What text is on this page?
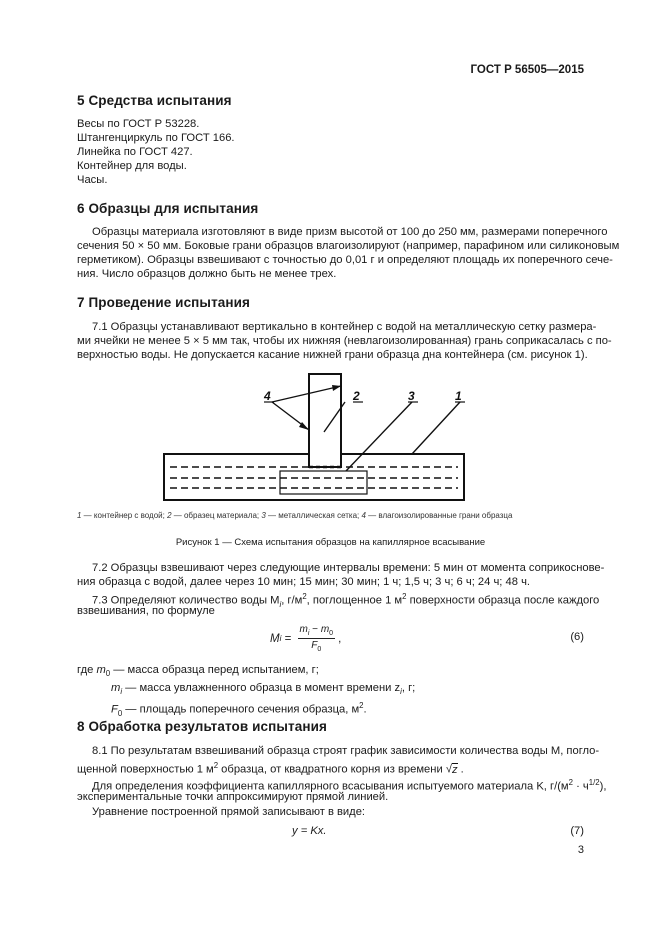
ГОСТ Р 56505—2015
5 Средства испытания
Весы по ГОСТ Р 53228.
Штангенциркуль по ГОСТ 166.
Линейка по ГОСТ 427.
Контейнер для воды.
Часы.
6 Образцы для испытания
Образцы материала изготовляют в виде призм высотой от 100 до 250 мм, размерами поперечного
сечения 50 × 50 мм. Боковые грани образцов влагоизолируют (например, парафином или силиконовым
герметиком). Образцы взвешивают с точностью до 0,01 г и определяют площадь их поперечного сече-
ния. Число образцов должно быть не менее трех.
7 Проведение испытания
7.1 Образцы устанавливают вертикально в контейнер с водой на металлическую сетку размера-
ми ячейки не менее 5 × 5 мм так, чтобы их нижняя (невлагоизолированная) грань соприкасалась с по-
верхностью воды. Не допускается касание нижней грани образца дна контейнера (см. рисунок 1).
4	2	3	1
1 — контейнер с водой; 2 — образец материала; 3 — металлическая сетка; 4 — влагоизолированные грани образца
Рисунок 1 — Схема испытания образцов на капиллярное всасывание
7.2 Образцы взвешивают через следующие интервалы времени: 5 мин от момента соприкоснове-
ния образца с водой, далее через 10 мин; 15 мин; 30 мин; 1 ч; 1,5 ч; 3 ч; 6 ч; 24 ч; 48 ч.
7.3 Определяют количество воды $M_i$, $г/м^2$, поглощенное 1 $м^2$ поверхности образца после каждого
взвешивания, по формуле
M $i = \frac{m_i - m_0}{F_0}$ ,	(6)
где $m_0$ — масса образца перед испытанием, г;
$m_i$ — масса увлажненного образца в момент времени $z_i$, г;
$F_0$ — площадь поперечного сечения образца, $м^2$.
8 Обработка результатов испытания
8.1 По результатам взвешиваний образца строят график зависимости количества воды M, погло-
щенной поверхностью 1 $м^2$ образца, от квадратного корня из времени √z .
Для определения коэффициента капиллярного всасывания испытуемого материала K, $г/(м^2 \cdot ч^{1/2})$,
экспериментальные точки аппроксимируют прямой линией.
Уравнение построенной прямой записывают в виде:
y = Kx.	(7)
3
